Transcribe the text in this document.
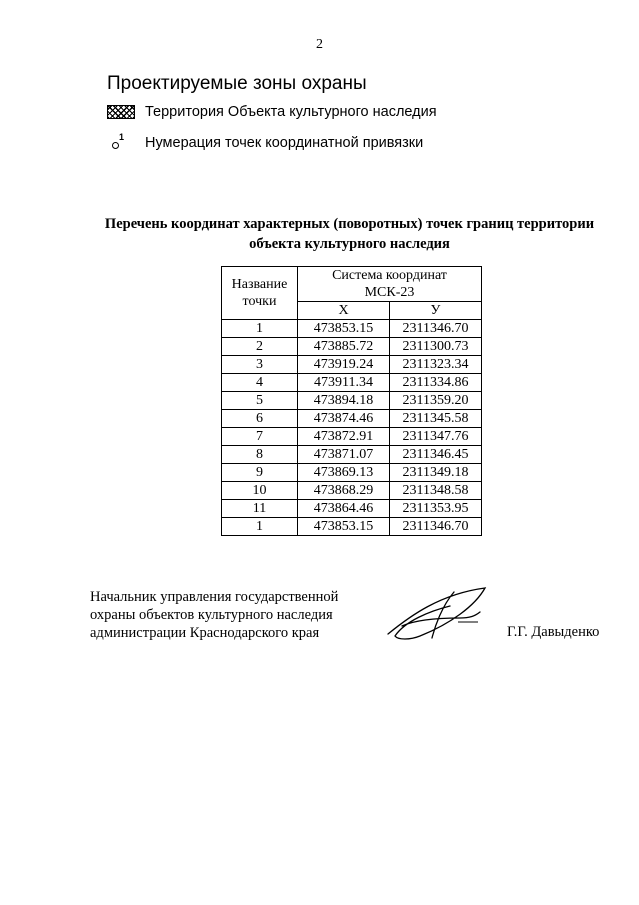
2
Проектируемые зоны охраны
Территория Объекта культурного наследия
1 Нумерация точек координатной привязки
Перечень координат характерных (поворотных) точек границ территории
объекта культурного наследия
Название точки	Система координат
МСК-23	

	X	У
1	473853.15	2311346.70
2	473885.72	2311300.73
3	473919.24	2311323.34
4	473911.34	2311334.86
5	473894.18	2311359.20
6	473874.46	2311345.58
7	473872.91	2311347.76
8	473871.07	2311346.45
9	473869.13	2311349.18
10	473868.29	2311348.58
11	473864.46	2311353.95
1	473853.15	2311346.70
Начальник управления государственной
охраны объектов культурного наследия
администрации Краснодарского края	Г.Г. Давыденко
